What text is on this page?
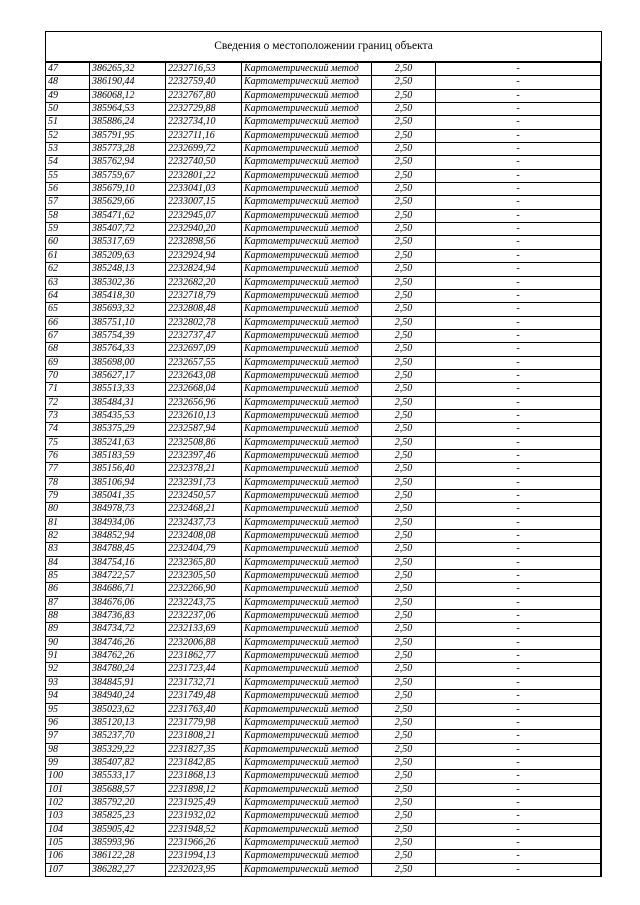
Сведения о местоположении границ объекта
47	386265,32	2232716,53	Картометрический метод	2,50	-
48	386190,44	2232759,40	Картометрический метод	2,50	-
49	386068,12	2232767,80	Картометрический метод	2,50	-
50	385964,53	2232729,88	Картометрический метод	2,50	-
51	385886,24	2232734,10	Картометрический метод	2,50	-
52	385791,95	2232711,16	Картометрический метод	2,50	-
53	385773,28	2232699,72	Картометрический метод	2,50	-
54	385762,94	2232740,50	Картометрический метод	2,50	-
55	385759,67	2232801,22	Картометрический метод	2,50	-
56	385679,10	2233041,03	Картометрический метод	2,50	-
57	385629,66	2233007,15	Картометрический метод	2,50	-
58	385471,62	2232945,07	Картометрический метод	2,50	-
59	385407,72	2232940,20	Картометрический метод	2,50	-
60	385317,69	2232898,56	Картометрический метод	2,50	-
61	385209,63	2232924,94	Картометрический метод	2,50	-
62	385248,13	2232824,94	Картометрический метод	2,50	-
63	385302,36	2232682,20	Картометрический метод	2,50	-
64	385418,30	2232718,79	Картометрический метод	2,50	-
65	385693,32	2232808,48	Картометрический метод	2,50	-
66	385751,10	2232802,78	Картометрический метод	2,50	-
67	385754,39	2232737,47	Картометрический метод	2,50	-
68	385764,33	2232697,09	Картометрический метод	2,50	-
69	385698,00	2232657,55	Картометрический метод	2,50	-
70	385627,17	2232643,08	Картометрический метод	2,50	-
71	385513,33	2232668,04	Картометрический метод	2,50	-
72	385484,31	2232656,96	Картометрический метод	2,50	-
73	385435,53	2232610,13	Картометрический метод	2,50	-
74	385375,29	2232587,94	Картометрический метод	2,50	-
75	385241,63	2232508,86	Картометрический метод	2,50	-
76	385183,59	2232397,46	Картометрический метод	2,50	-
77	385156,40	2232378,21	Картометрический метод	2,50	-
78	385106,94	2232391,73	Картометрический метод	2,50	-
79	385041,35	2232450,57	Картометрический метод	2,50	-
80	384978,73	2232468,21	Картометрический метод	2,50	-
81	384934,06	2232437,73	Картометрический метод	2,50	-
82	384852,94	2232408,08	Картометрический метод	2,50	-
83	384788,45	2232404,79	Картометрический метод	2,50	-
84	384754,16	2232365,80	Картометрический метод	2,50	-
85	384722,57	2232305,50	Картометрический метод	2,50	-
86	384686,71	2232266,90	Картометрический метод	2,50	-
87	384676,06	2232243,75	Картометрический метод	2,50	-
88	384736,83	2232237,06	Картометрический метод	2,50	-
89	384734,72	2232133,69	Картометрический метод	2,50	-
90	384746,26	2232006,88	Картометрический метод	2,50	-
91	384762,26	2231862,77	Картометрический метод	2,50	-
92	384780,24	2231723,44	Картометрический метод	2,50	-
93	384845,91	2231732,71	Картометрический метод	2,50	-
94	384940,24	2231749,48	Картометрический метод	2,50	-
95	385023,62	2231763,40	Картометрический метод	2,50	-
96	385120,13	2231779,98	Картометрический метод	2,50	-
97	385237,70	2231808,21	Картометрический метод	2,50	-
98	385329,22	2231827,35	Картометрический метод	2,50	-
99	385407,82	2231842,85	Картометрический метод	2,50	-
100	385533,17	2231868,13	Картометрический метод	2,50	-
101	385688,57	2231898,12	Картометрический метод	2,50	-
102	385792,20	2231925,49	Картометрический метод	2,50	-
103	385825,23	2231932,02	Картометрический метод	2,50	-
104	385905,42	2231948,52	Картометрический метод	2,50	-
105	385993,96	2231966,26	Картометрический метод	2,50	-
106	386122,28	2231994,13	Картометрический метод	2,50	-
107	386282,27	2232023,95	Картометрический метод	2,50	-
